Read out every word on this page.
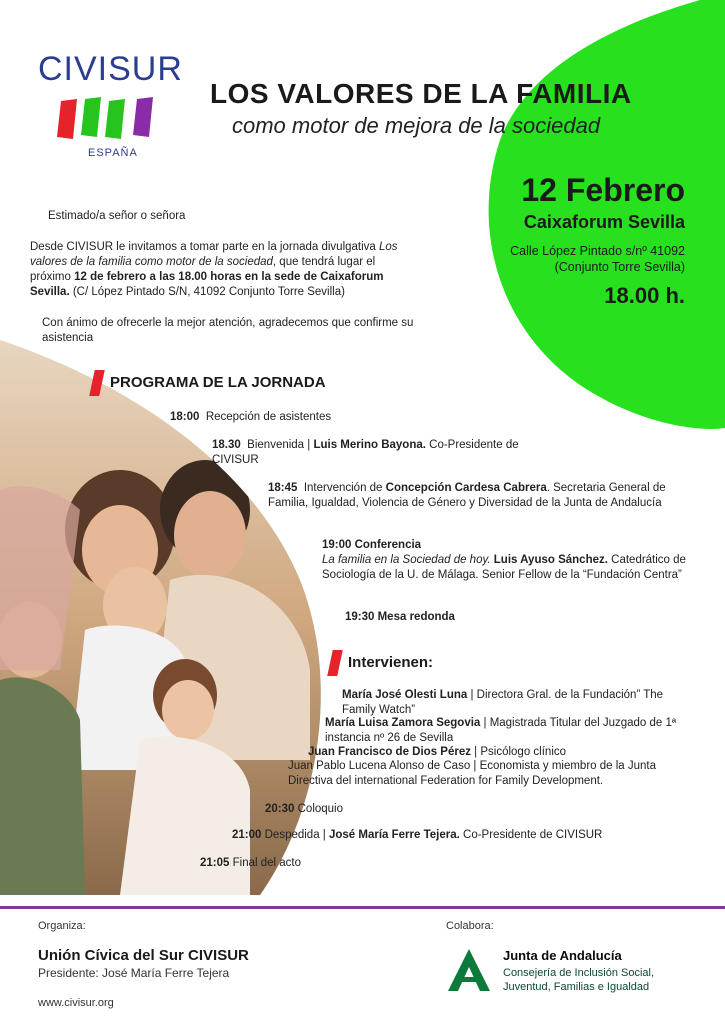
CIVISUR
ESPAÑA
LOS VALORES DE LA FAMILIA
como motor de mejora de la sociedad
12 Febrero
Caixaforum Sevilla
Calle López Pintado s/nº 41092
(Conjunto Torre Sevilla)
18.00 h.
Estimado/a señor o señora
Desde CIVISUR le invitamos a tomar parte en la jornada divulgativa Los valores de la familia como motor de la sociedad, que tendrá lugar el próximo 12 de febrero a las 18.00 horas en la sede de Caixaforum Sevilla. (C/ López Pintado S/N, 41092 Conjunto Torre Sevilla)
Con ánimo de ofrecerle la mejor atención, agradecemos que confirme su asistencia
PROGRAMA DE LA JORNADA
18:00 Recepción de asistentes
18.30 Bienvenida | Luis Merino Bayona. Co-Presidente de CIVISUR
18:45 Intervención de Concepción Cardesa Cabrera. Secretaria General de Familia, Igualdad, Violencia de Género y Diversidad de la Junta de Andalucía
19:00 Conferencia
La familia en la Sociedad de hoy. Luis Ayuso Sánchez. Catedrático de Sociología de la U. de Málaga. Senior Fellow de la “Fundación Centra”
19:30 Mesa redonda
Intervienen:
María José Olesti Luna | Directora Gral. de la Fundación” The Family Watch”
María Luisa Zamora Segovia | Magistrada Titular del Juzgado de 1ª instancia nº 26 de Sevilla
Juan Francisco de Dios Pérez | Psicólogo clínico
Juan Pablo Lucena Alonso de Caso | Economista y miembro de la Junta Directiva del international Federation for Family Development.
20:30 Coloquio
21:00 Despedida | José María Ferre Tejera. Co-Presidente de CIVISUR
21:05 Final del acto
Organiza:
Unión Cívica del Sur CIVISUR
Presidente: José María Ferre Tejera
www.civisur.org
Colabora:
Junta de Andalucía
Consejería de Inclusión Social, Juventud, Familias e Igualdad
